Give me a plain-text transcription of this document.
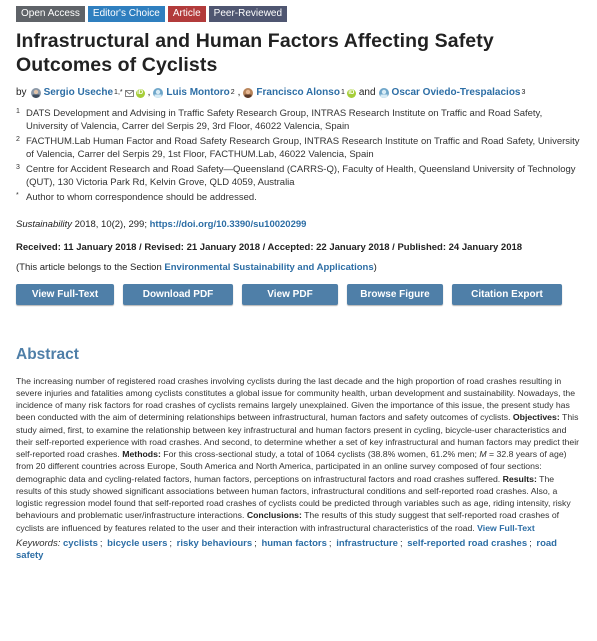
Open Access	Editor's Choice	Article	Peer-Reviewed
Infrastructural and Human Factors Affecting Safety
Outcomes of Cyclists
by Sergio Useche 1,* iD , Luis Montoro 2 , Francisco Alonso 1 iD and Oscar Oviedo-Trespalacios 3
1 DATS Development and Advising in Traffic Safety Research Group, INTRAS Research Institute on Traffic and Road Safety, University of Valencia, Carrer del Serpis 29, 3rd Floor, 46022 Valencia, Spain
2 FACTHUM.Lab Human Factor and Road Safety Research Group, INTRAS Research Institute on Traffic and Road Safety, University of Valencia, Carrer del Serpis 29, 1st Floor, FACTHUM.Lab, 46022 Valencia, Spain
3 Centre for Accident Research and Road Safety—Queensland (CARRS-Q), Faculty of Health, Queensland University of Technology (QUT), 130 Victoria Park Rd, Kelvin Grove, QLD 4059, Australia
* Author to whom correspondence should be addressed.
Sustainability 2018, 10(2), 299; https://doi.org/10.3390/su10020299
Received: 11 January 2018 / Revised: 21 January 2018 / Accepted: 22 January 2018 / Published: 24 January 2018
(This article belongs to the Section Environmental Sustainability and Applications)
View Full-Text	Download PDF	View PDF	Browse Figure	Citation Export
Abstract
The increasing number of registered road crashes involving cyclists during the last decade and the high proportion of road crashes resulting in severe injuries and fatalities among cyclists constitutes a global issue for community health, urban development and sustainability. Nowadays, the incidence of many risk factors for road crashes of cyclists remains largely unexplained. Given the importance of this issue, the present study has been conducted with the aim of determining relationships between infrastructural, human factors and safety outcomes of cyclists. Objectives: This study aimed, first, to examine the relationship between key infrastructural and human factors present in cycling, bicycle-user characteristics and their self-reported experience with road crashes. And second, to determine whether a set of key infrastructural and human factors may predict their self-reported road crashes. Methods: For this cross-sectional study, a total of 1064 cyclists (38.8% women, 61.2% men; M = 32.8 years of age) from 20 different countries across Europe, South America and North America, participated in an online survey composed of four sections: demographic data and cycling-related factors, human factors, perceptions on infrastructural factors and road crashes suffered. Results: The results of this study showed significant associations between human factors, infrastructural conditions and self-reported road crashes. Also, a logistic regression model found that self-reported road crashes of cyclists could be predicted through variables such as age, riding intensity, risky behaviours and problematic user/infrastructure interactions. Conclusions: The results of this study suggest that self-reported road crashes of cyclists are influenced by features related to the user and their interaction with infrastructural characteristics of the road. View Full-Text
Keywords: cyclists ; bicycle users ; risky behaviours ; human factors ; infrastructure ; self-reported road crashes ; road safety
